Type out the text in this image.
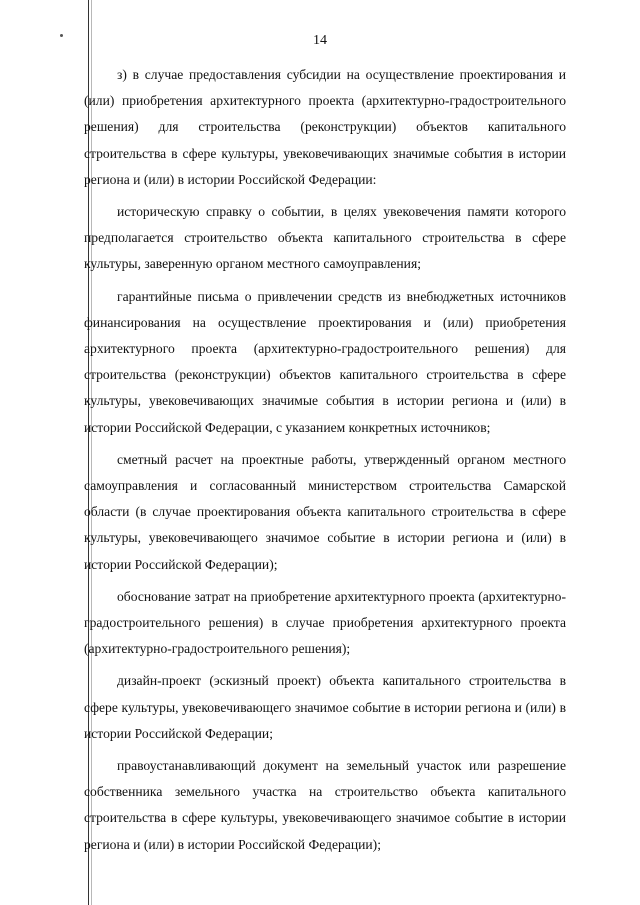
14

з) в случае предоставления субсидии на осуществление проектирования и (или) приобретения архитектурного проекта (архитектурно-градостроительного решения) для строительства (реконструкции) объектов капитального строительства в сфере культуры, увековечивающих значимые события в истории региона и (или) в истории Российской Федерации:

историческую справку о событии, в целях увековечения памяти которого предполагается строительство объекта капитального строительства в сфере культуры, заверенную органом местного самоуправления;

гарантийные письма о привлечении средств из внебюджетных источников финансирования на осуществление проектирования и (или) приобретения архитектурного проекта (архитектурно-градостроительного решения) для строительства (реконструкции) объектов капитального строительства в сфере культуры, увековечивающих значимые события в истории региона и (или) в истории Российской Федерации, с указанием конкретных источников;

сметный расчет на проектные работы, утвержденный органом местного самоуправления и согласованный министерством строительства Самарской области (в случае проектирования объекта капитального строительства в сфере культуры, увековечивающего значимое событие в истории региона и (или) в истории Российской Федерации);

обоснование затрат на приобретение архитектурного проекта (архитектурно-градостроительного решения) в случае приобретения архитектурного проекта (архитектурно-градостроительного решения);

дизайн-проект (эскизный проект) объекта капитального строительства в сфере культуры, увековечивающего значимое событие в истории региона и (или) в истории Российской Федерации;

правоустанавливающий документ на земельный участок или разрешение собственника земельного участка на строительство объекта капитального строительства в сфере культуры, увековечивающего значимое событие в истории региона и (или) в истории Российской Федерации);
